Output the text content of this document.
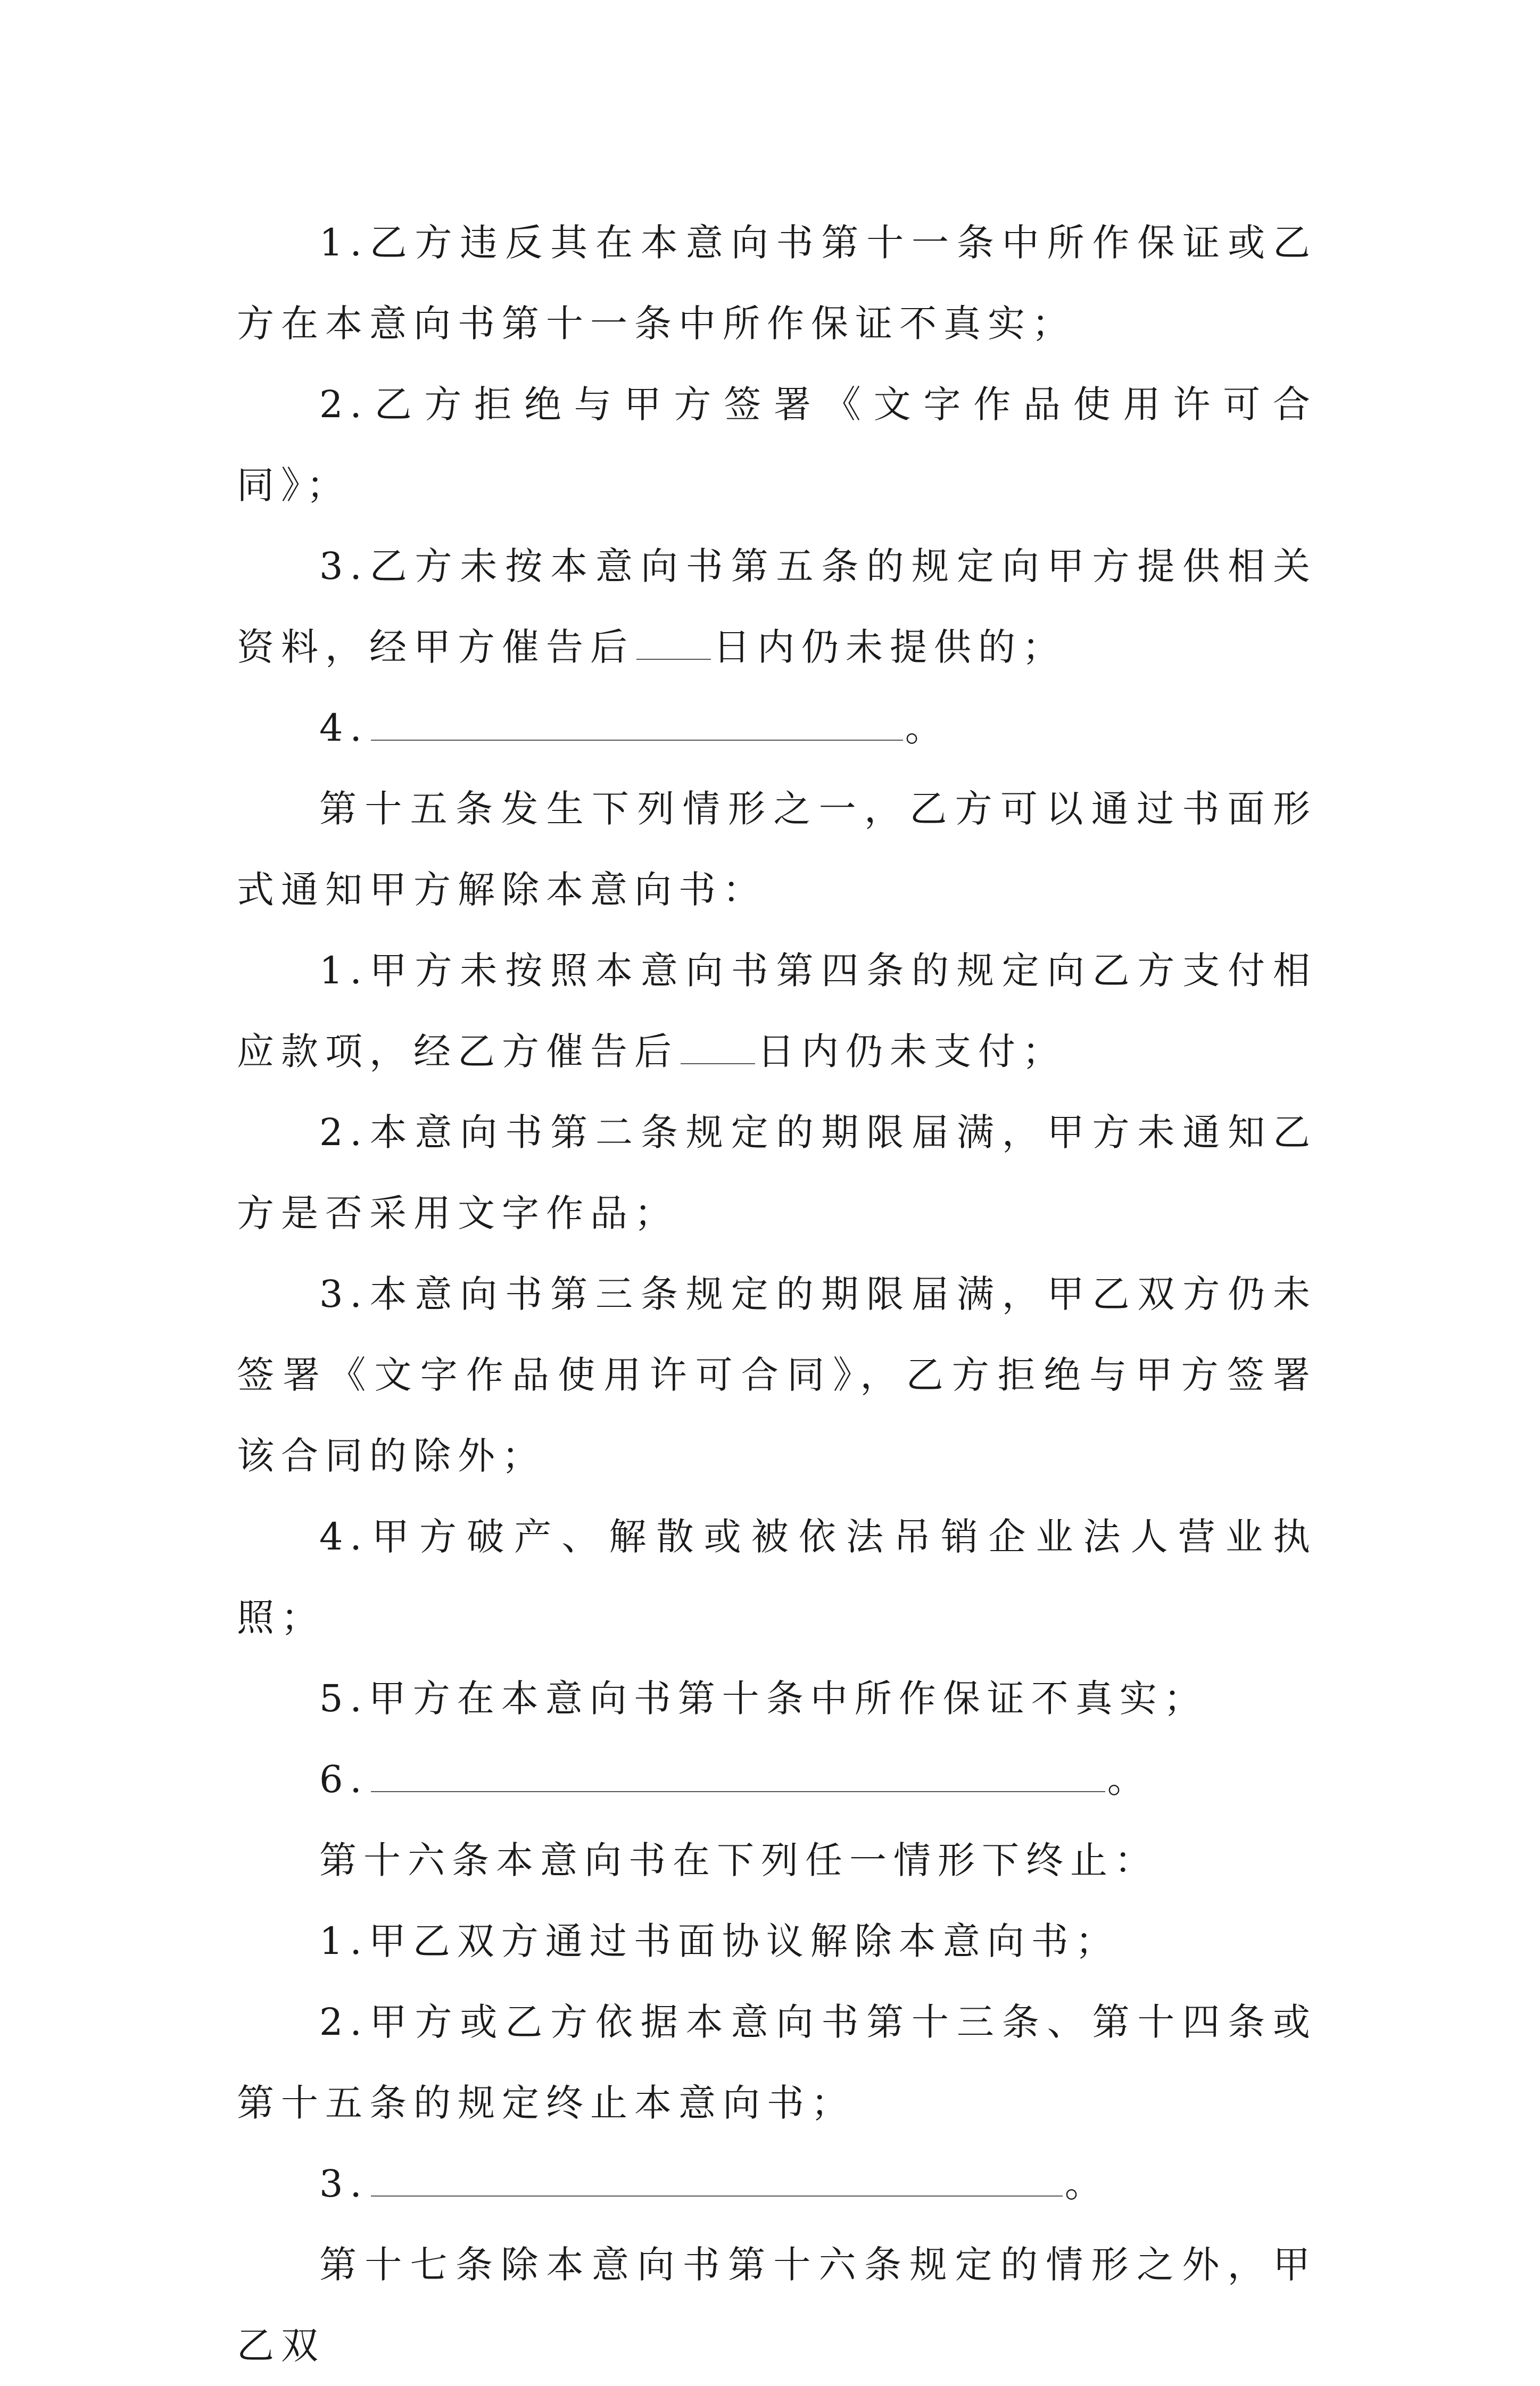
1.乙方违反其在本意向书第十一条中所作保证或乙方在本意向书第十一条中所作保证不真实；

2.乙方拒绝与甲方签署《文字作品使用许可合同》；

3.乙方未按本意向书第五条的规定向甲方提供相关资料，经甲方催告后 日内仍未提供的；

4.	。

第十五条发生下列情形之一，乙方可以通过书面形式通知甲方解除本意向书：

1.甲方未按照本意向书第四条的规定向乙方支付相应款项，经乙方催告后 日内仍未支付；

2.本意向书第二条规定的期限届满，甲方未通知乙方是否采用文字作品；

3.本意向书第三条规定的期限届满，甲乙双方仍未签署《文字作品使用许可合同》，乙方拒绝与甲方签署该合同的除外；

4.甲方破产、解散或被依法吊销企业法人营业执照；

5.甲方在本意向书第十条中所作保证不真实；

6.	。

第十六条本意向书在下列任一情形下终止：

1.甲乙双方通过书面协议解除本意向书；

2.甲方或乙方依据本意向书第十三条、第十四条或第十五条的规定终止本意向书；

3.	。

第十七条除本意向书第十六条规定的情形之外，甲乙双
